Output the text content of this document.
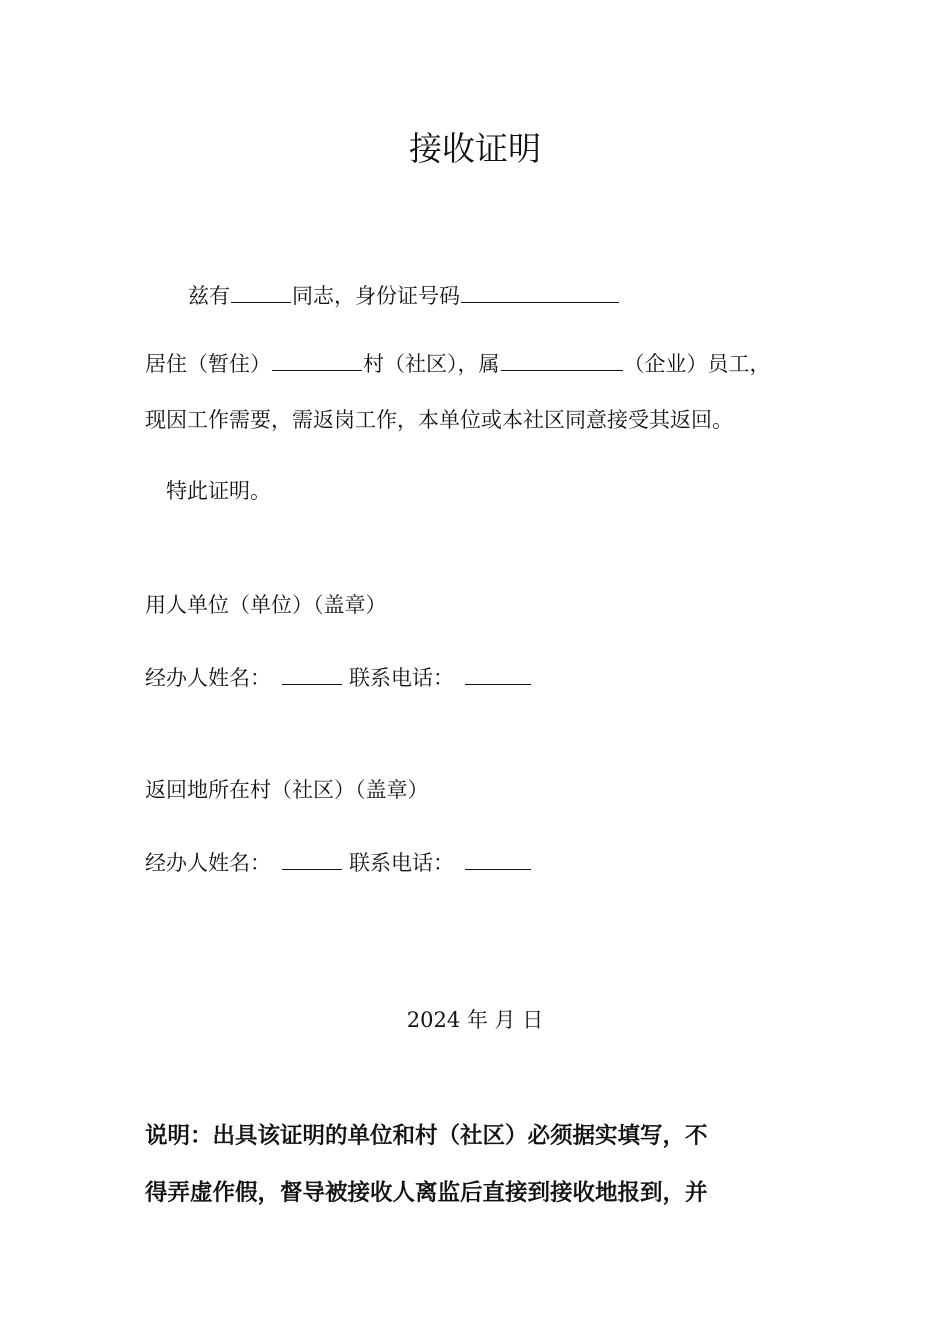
接收证明
兹有	同志，身份证号码
居住（暂住）	村（社区），属	（企业）员工，
现因工作需要，需返岗工作，本单位或本社区同意接受其返回。
特此证明。
用人单位（单位）（盖章）
经办人姓名：	联系电话：
返回地所在村（社区）（盖章）
经办人姓名：	联系电话：
2024 年 月 日
说明：出具该证明的单位和村（社区）必须据实填写，不
得弄虚作假，督导被接收人离监后直接到接收地报到，并
